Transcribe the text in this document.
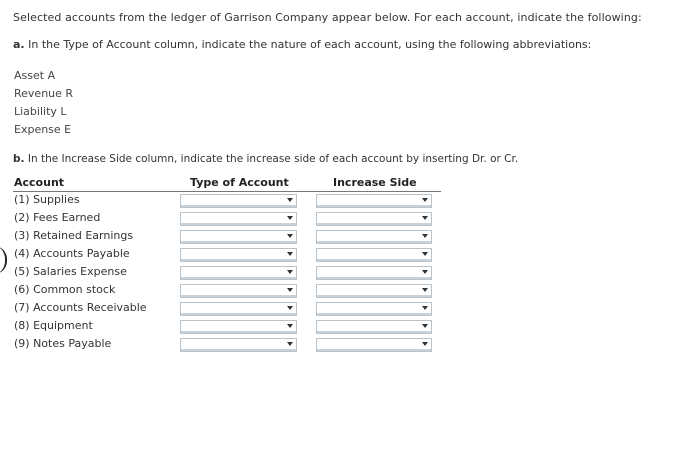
Selected accounts from the ledger of Garrison Company appear below. For each account, indicate the following:
a. In the Type of Account column, indicate the nature of each account, using the following abbreviations:
Asset A
Revenue R
Liability L
Expense E
b. In the Increase Side column, indicate the increase side of each account by inserting Dr. or Cr.
Account	Type of Account	Increase Side
(1) Supplies
(2) Fees Earned
(3) Retained Earnings
(4) Accounts Payable
(5) Salaries Expense
(6) Common stock
(7) Accounts Receivable
(8) Equipment
(9) Notes Payable
